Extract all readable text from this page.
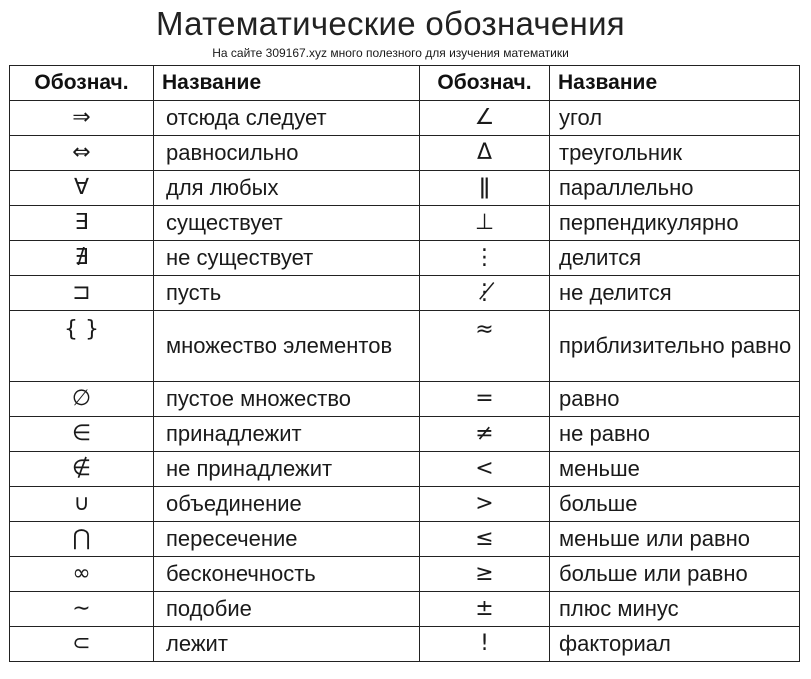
Математические обозначения
На сайте 309167.xyz много полезного для изучения математики
Обознач.	Название	Обознач.	Название
⇒	отсюда следует	∠	угол
⇔	равносильно	Δ	треугольник
∀	для любых	ǁ	параллельно
∃	существует	⊥	перпендикулярно
∄	не существует	⋮	делится
⊐	пусть	⋮̸	не делится
{ }	множество элементов	≈	приблизительно равно
∅	пустое множество	=	равно
∈	принадлежит	≠	не равно
∉	не принадлежит	<	меньше
∪	объединение	>	больше
⋂	пересечение	≤	меньше или равно
∞	бесконечность	≥	больше или равно
∼	подобие	±	плюс минус
⊂	лежит	!	факториал
